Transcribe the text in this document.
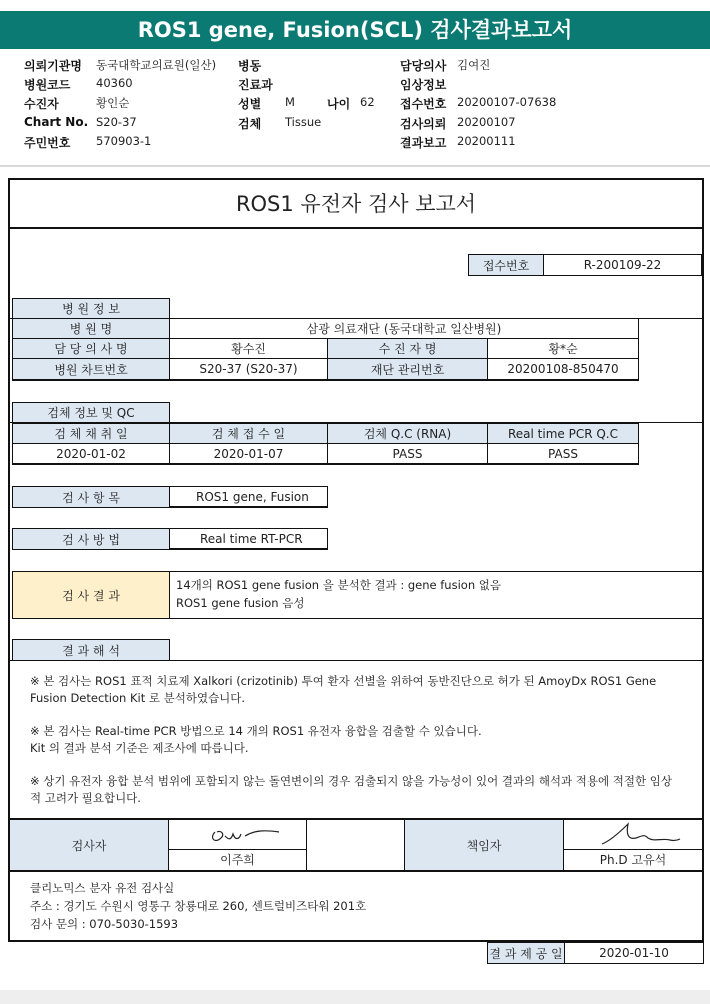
ROS1 gene, Fusion(SCL) 검사결과보고서
의뢰기관명 동국대학교의료원(일산)
병원코드 40360
수진자	황인순
Chart No. S20-37
주민번호 570903-1
병동
진료과
성별 M	나이 62
검체 Tissue
담당의사 김여진
임상정보
접수번호 20200107-07638
검사의뢰 20200107
결과보고 20200111
ROS1 유전자 검사 보고서
접수번호	R-200109-22
병 원 정 보
병 원 명	삼광 의료재단 (동국대학교 일산병원)
담 당 의 사 명	황수진	수 진 자 명	황*순
병원 차트번호	S20-37 (S20-37)	재단 관리번호	20200108-850470
검체 정보 및 QC
검 체 채 취 일	검 체 접 수 일	검체 Q.C (RNA)	Real time PCR Q.C
2020-01-02	2020-01-07	PASS	PASS
검 사 항 목	ROS1 gene, Fusion
검 사 방 법	Real time RT-PCR
검 사 결 과
14개의 ROS1 gene fusion 을 분석한 결과 : gene fusion 없음
ROS1 gene fusion 음성
결 과 해 석
※ 본 검사는 ROS1 표적 치료제 Xalkori (crizotinib) 투여 환자 선별을 위하여 동반진단으로 허가 된 AmoyDx ROS1 Gene
Fusion Detection Kit 로 분석하였습니다.
※ 본 검사는 Real-time PCR 방법으로 14 개의 ROS1 유전자 융합을 검출할 수 있습니다.
Kit 의 결과 분석 기준은 제조사에 따릅니다.
※ 상기 유전자 융합 분석 범위에 포함되지 않는 돌연변이의 경우 검출되지 않을 가능성이 있어 결과의 해석과 적용에 적절한 임상
적 고려가 필요합니다.
검사자
이주희
책임자
Ph.D 고유석
클리노믹스 분자 유전 검사실
주소 : 경기도 수원시 영통구 창룡대로 260, 센트럴비즈타워 201호
검사 문의 : 070-5030-1593
결 과 제 공 일	2020-01-10
